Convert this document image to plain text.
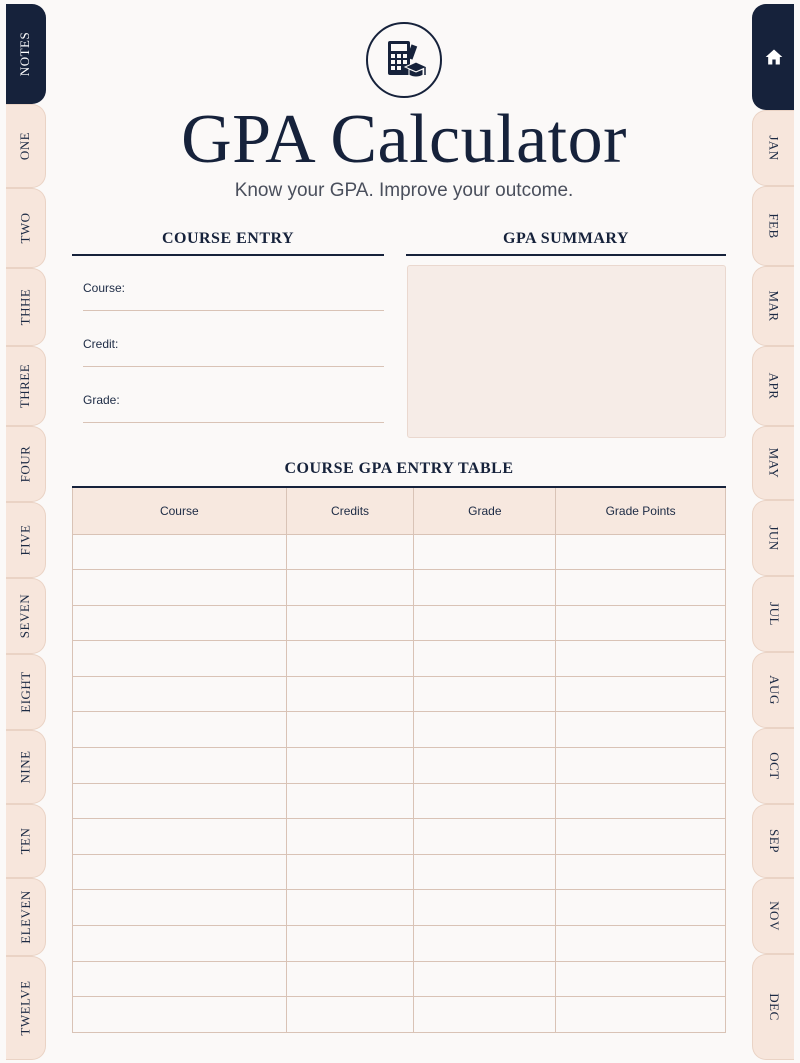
NOTES
ONE
TWO
THHE
THREE
FOUR
FIVE
SEVEN
EIGHT
NINE
TEN
ELEVEN
TWELVE
JAN
FEB
MAR
APR
MAY
JUN
JUL
AUG
OCT
SEP
NOV
DEC
GPA Calculator
Know your GPA. Improve your outcome.
COURSE ENTRY
Course:
Credit:
Grade:
GPA SUMMARY
COURSE GPA ENTRY TABLE
Course	Credits	Grade	Grade Points
